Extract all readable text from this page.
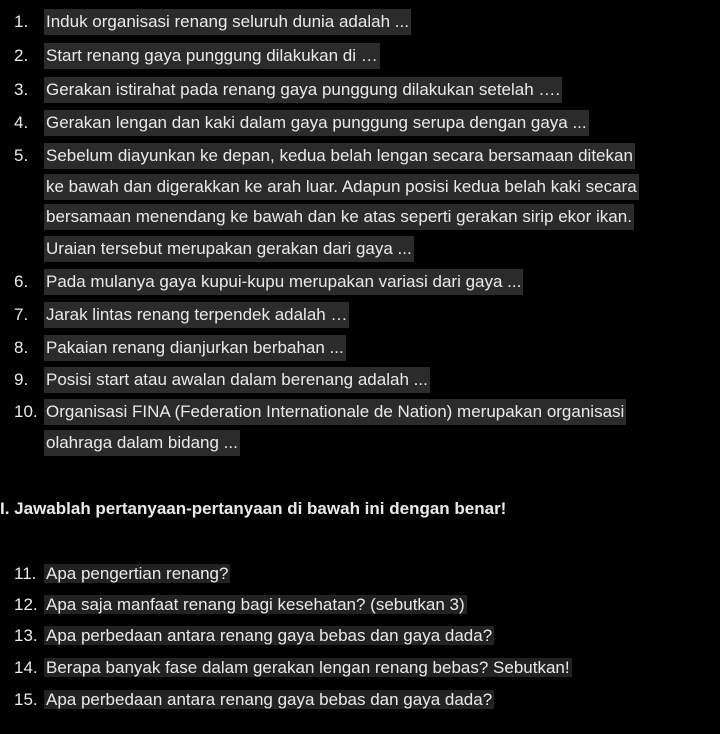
1.	Induk organisasi renang seluruh dunia adalah ...
2.	Start renang gaya punggung dilakukan di …
3.	Gerakan istirahat pada renang gaya punggung dilakukan setelah ….
4.	Gerakan lengan dan kaki dalam gaya punggung serupa dengan gaya ...
5.	Sebelum diayunkan ke depan, kedua belah lengan secara bersamaan ditekan
ke bawah dan digerakkan ke arah luar. Adapun posisi kedua belah kaki secara
bersamaan menendang ke bawah dan ke atas seperti gerakan sirip ekor ikan.
Uraian tersebut merupakan gerakan dari gaya ...
6.	Pada mulanya gaya kupui-kupu merupakan variasi dari gaya ...
7.	Jarak lintas renang terpendek adalah …
8.	Pakaian renang dianjurkan berbahan ...
9.	Posisi start atau awalan dalam berenang adalah ...
10. Organisasi FINA (Federation Internationale de Nation) merupakan organisasi
olahraga dalam bidang ...
I. Jawablah pertanyaan-pertanyaan di bawah ini dengan benar!
11. Apa pengertian renang?
12. Apa saja manfaat renang bagi kesehatan? (sebutkan 3)
13. Apa perbedaan antara renang gaya bebas dan gaya dada?
14. Berapa banyak fase dalam gerakan lengan renang bebas? Sebutkan!
15. Apa perbedaan antara renang gaya bebas dan gaya dada?
